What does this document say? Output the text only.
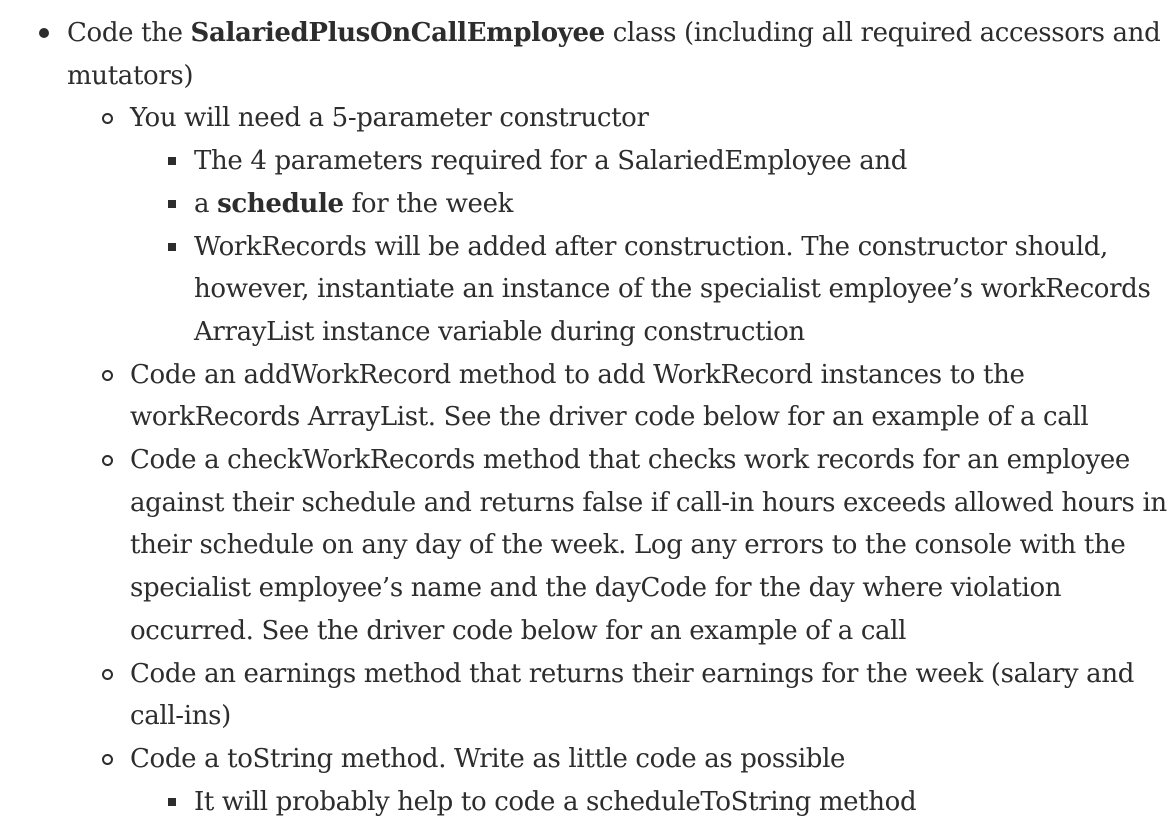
Code the SalariedPlusOnCallEmployee class (including all required accessors and mutators)
You will need a 5-parameter constructor
The 4 parameters required for a SalariedEmployee and
a schedule for the week
WorkRecords will be added after construction. The constructor should, however, instantiate an instance of the specialist employee’s workRecords ArrayList instance variable during construction
Code an addWorkRecord method to add WorkRecord instances to the workRecords ArrayList. See the driver code below for an example of a call
Code a checkWorkRecords method that checks work records for an employee against their schedule and returns false if call-in hours exceeds allowed hours in their schedule on any day of the week. Log any errors to the console with the specialist employee’s name and the dayCode for the day where violation occurred. See the driver code below for an example of a call
Code an earnings method that returns their earnings for the week (salary and call-ins)
Code a toString method. Write as little code as possible
It will probably help to code a scheduleToString method
